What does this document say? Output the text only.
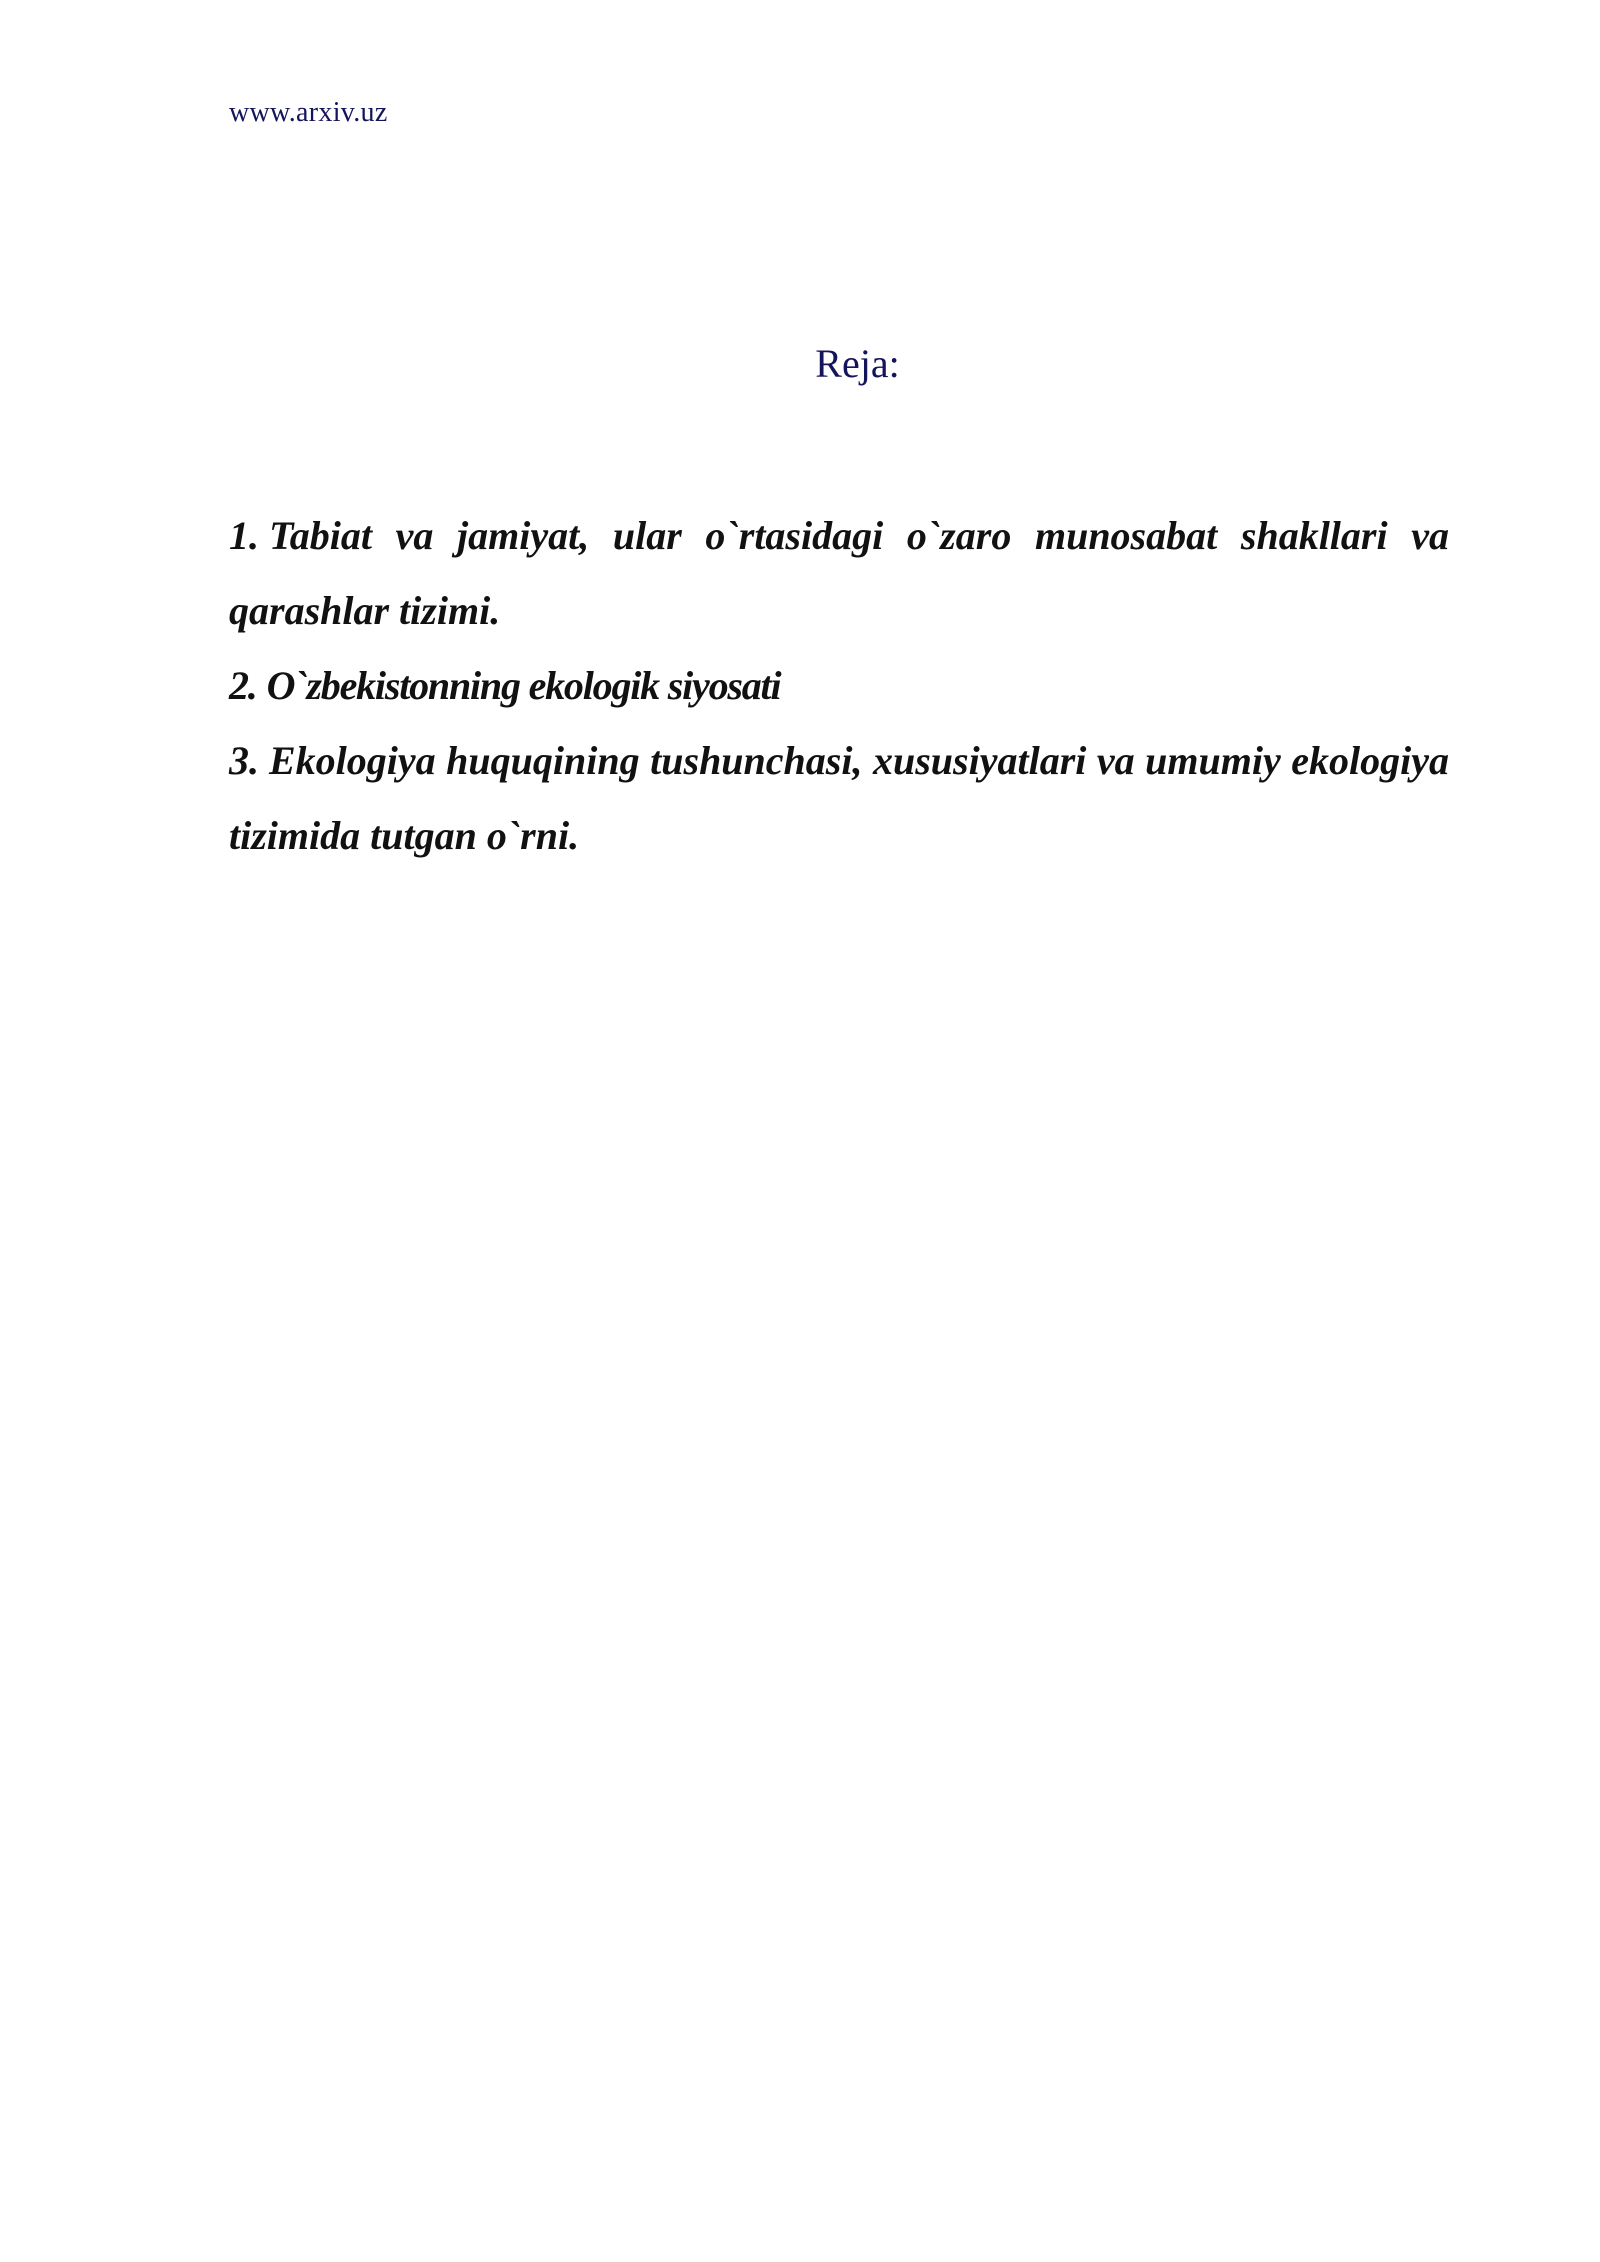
www.arxiv.uz
Reja:
1. Tabiat va jamiyat, ular o`rtasidagi o`zaro munosabat shakllari va qarashlar tizimi.
2. O`zbekistonning ekologik siyosati
3. Ekologiya huquqining tushunchasi, xususiyatlari va umumiy ekologiya tizimida tutgan o`rni.
